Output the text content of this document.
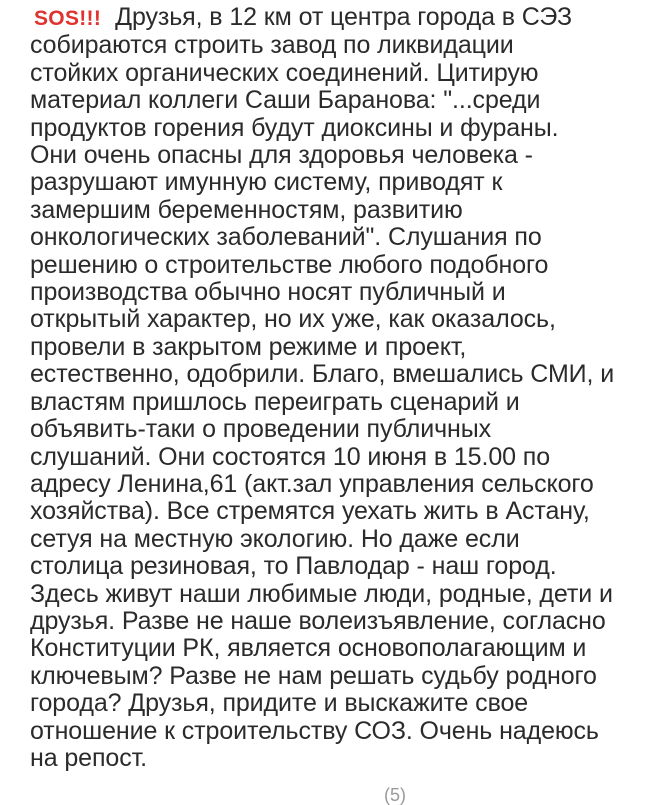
SOS!!! Друзья, в 12 км от центра города в СЭЗ
собираются строить завод по ликвидации
стойких органических соединений. Цитирую
материал коллеги Саши Баранова: "...среди
продуктов горения будут диоксины и фураны.
Они очень опасны для здоровья человека -
разрушают имунную систему, приводят к
замершим беременностям, развитию
онкологических заболеваний". Слушания по
решению о строительстве любого подобного
производства обычно носят публичный и
открытый характер, но их уже, как оказалось,
провели в закрытом режиме и проект,
естественно, одобрили. Благо, вмешались СМИ, и
властям пришлось переиграть сценарий и
объявить-таки о проведении публичных
слушаний. Они состоятся 10 июня в 15.00 по
адресу Ленина,61 (акт.зал управления сельского
хозяйства). Все стремятся уехать жить в Астану,
сетуя на местную экологию. Но даже если
столица резиновая, то Павлодар - наш город.
Здесь живут наши любимые люди, родные, дети и
друзья. Разве не наше волеизъявление, согласно
Конституции РК, является основополагающим и
ключевым? Разве не нам решать судьбу родного
города? Друзья, придите и выскажите свое
отношение к строительству СОЗ. Очень надеюсь
на репост.
(5)
